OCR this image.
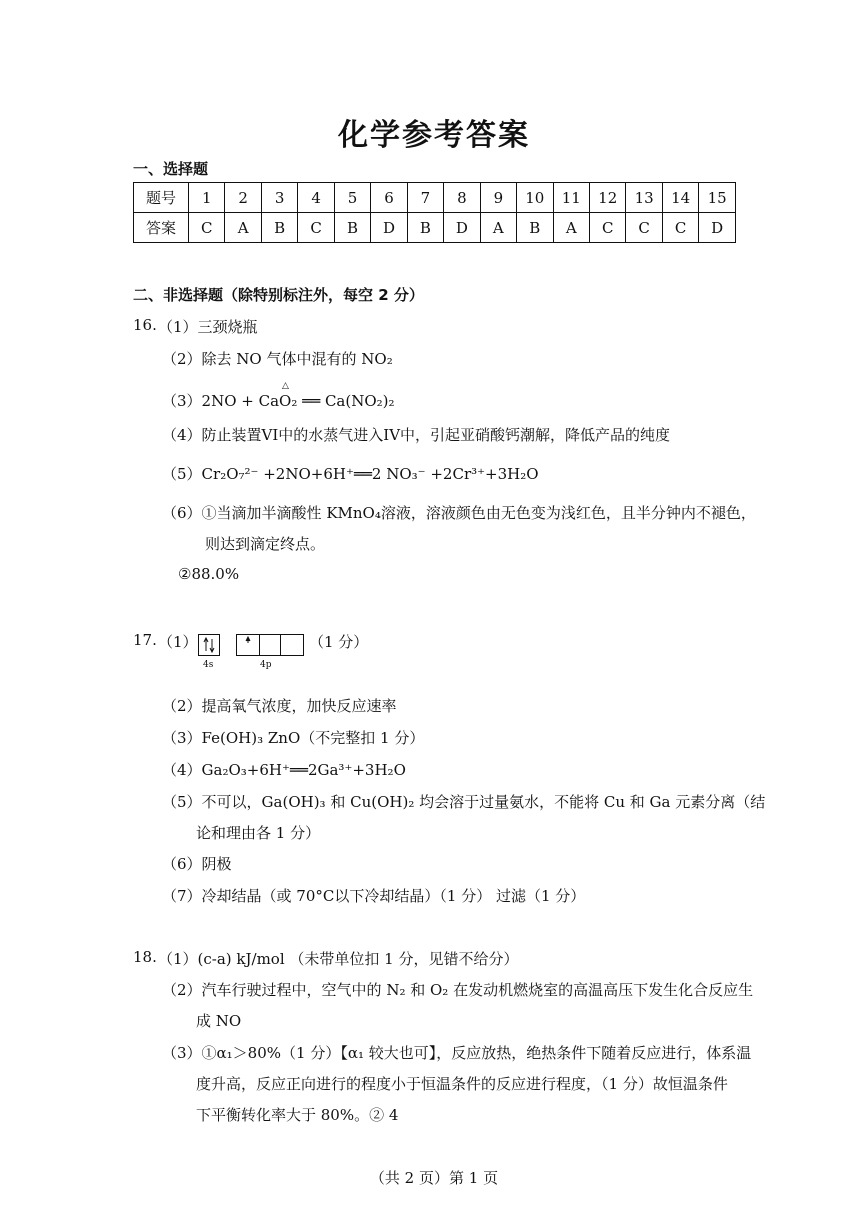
化学参考答案
一、选择题
题号	1	2	3	4	5	6	7	8	9	10	11	12	13	14	15
答案	C	A	B	C	B	D	B	D	A	B	A	C	C	C	D
二、非选择题（除特别标注外，每空 2 分）
16. （1）三颈烧瓶
（2）除去 NO 气体中混有的 NO₂
△
（3）2NO + CaO₂ ══ Ca(NO₂)₂
（4）防止装置VI中的水蒸气进入IV中，引起亚硝酸钙潮解，降低产品的纯度
（5）Cr₂O₇²⁻ +2NO+6H⁺══2 NO₃⁻ +2Cr³⁺+3H₂O
（6）①当滴加半滴酸性 KMnO₄溶液，溶液颜色由无色变为浅红色，且半分钟内不褪色，
则达到滴定终点。
②88.0%
17. （1）
4s	4p
（1 分）
（2）提高氧气浓度，加快反应速率
（3）Fe(OH)₃ ZnO（不完整扣 1 分）
（4）Ga₂O₃+6H⁺══2Ga³⁺+3H₂O
（5）不可以，Ga(OH)₃ 和 Cu(OH)₂ 均会溶于过量氨水，不能将 Cu 和 Ga 元素分离（结
论和理由各 1 分）
（6）阴极
（7）冷却结晶（或 70°C以下冷却结晶）（1 分） 过滤（1 分）
18. （1）(c-a) kJ/mol （未带单位扣 1 分，见错不给分）
（2）汽车行驶过程中，空气中的 N₂ 和 O₂ 在发动机燃烧室的高温高压下发生化合反应生
成 NO
（3）①α₁＞80%（1 分）【α₁ 较大也可】，反应放热，绝热条件下随着反应进行，体系温
度升高，反应正向进行的程度小于恒温条件的反应进行程度，（1 分）故恒温条件
下平衡转化率大于 80%。② 4
（共 2 页）第 1 页
